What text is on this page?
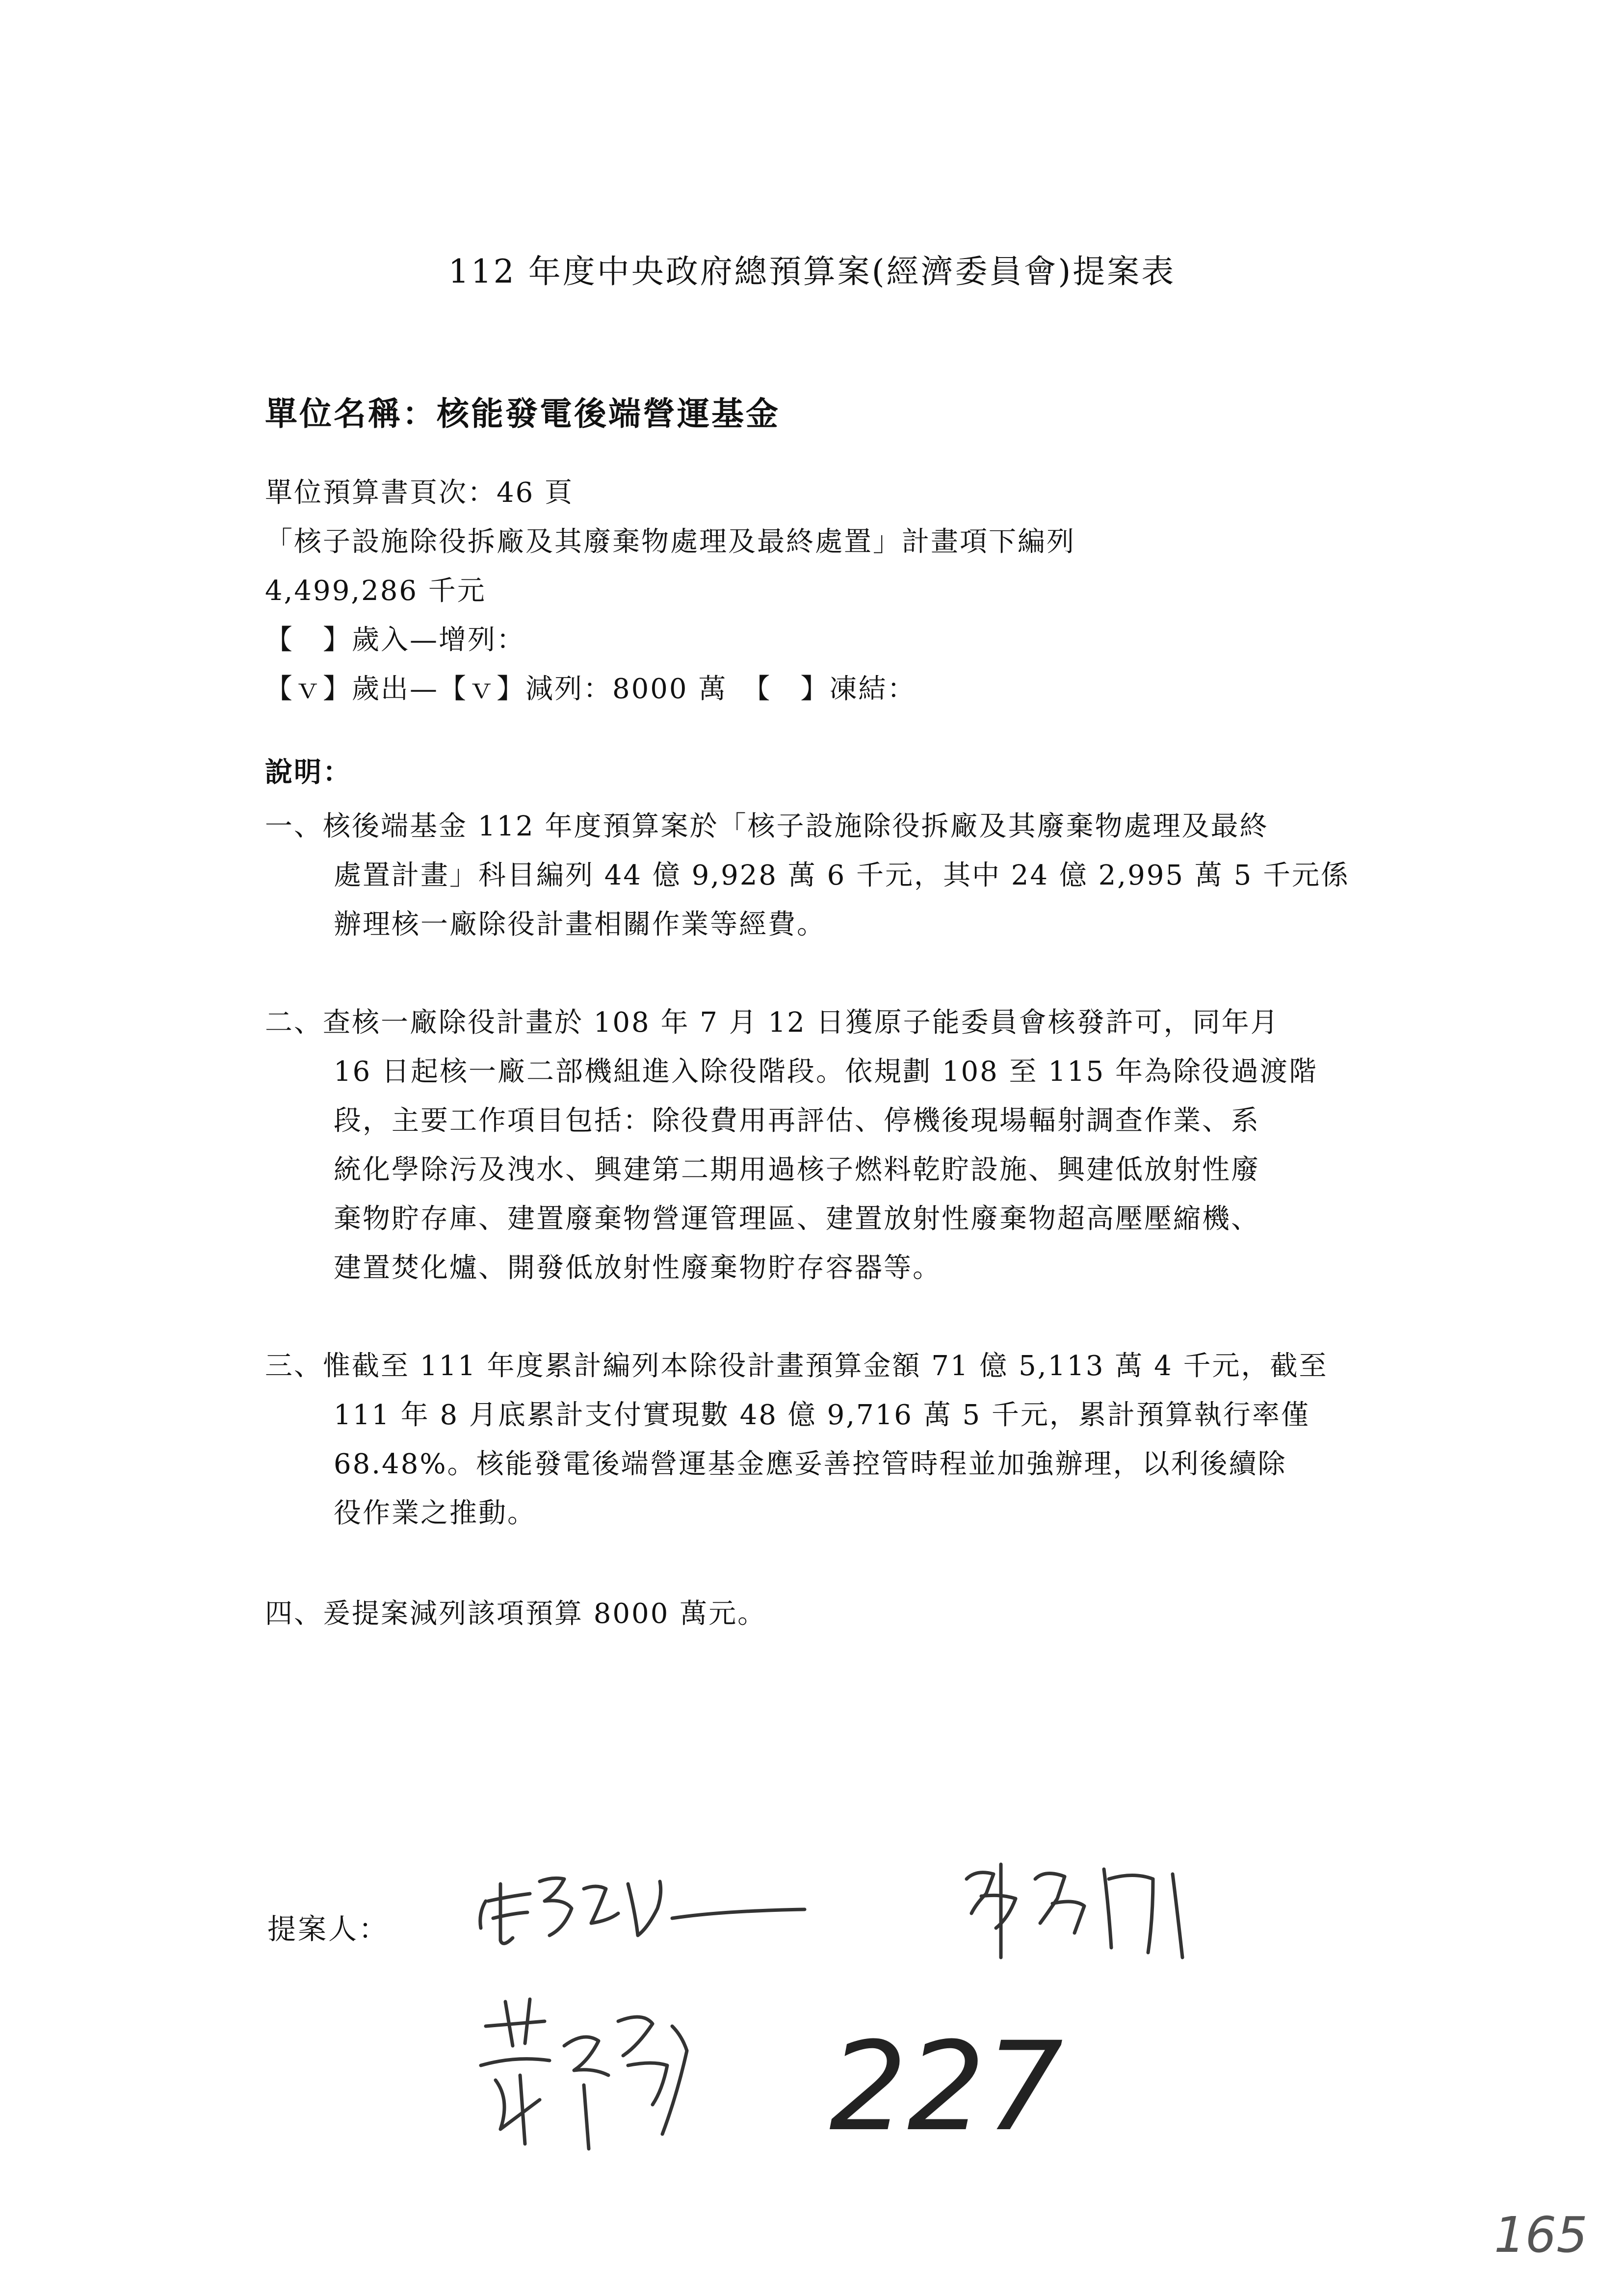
112 年度中央政府總預算案(經濟委員會)提案表
單位名稱：核能發電後端營運基金
單位預算書頁次：46 頁
「核子設施除役拆廠及其廢棄物處理及最終處置」計畫項下編列
4,499,286 千元
【　】歲入—增列：
【ｖ】歲出—【ｖ】減列：8000 萬　【　】凍結：
說明：
一、核後端基金 112 年度預算案於「核子設施除役拆廠及其廢棄物處理及最終
處置計畫」科目編列 44 億 9,928 萬 6 千元，其中 24 億 2,995 萬 5 千元係
辦理核一廠除役計畫相關作業等經費。
二、查核一廠除役計畫於 108 年 7 月 12 日獲原子能委員會核發許可，同年月
16 日起核一廠二部機組進入除役階段。依規劃 108 至 115 年為除役過渡階
段，主要工作項目包括：除役費用再評估、停機後現場輻射調查作業、系
統化學除污及洩水、興建第二期用過核子燃料乾貯設施、興建低放射性廢
棄物貯存庫、建置廢棄物營運管理區、建置放射性廢棄物超高壓壓縮機、
建置焚化爐、開發低放射性廢棄物貯存容器等。
三、惟截至 111 年度累計編列本除役計畫預算金額 71 億 5,113 萬 4 千元，截至
111 年 8 月底累計支付實現數 48 億 9,716 萬 5 千元，累計預算執行率僅
68.48%。核能發電後端營運基金應妥善控管時程並加強辦理，以利後續除
役作業之推動。
四、爰提案減列該項預算 8000 萬元。
提案人：
227
165
